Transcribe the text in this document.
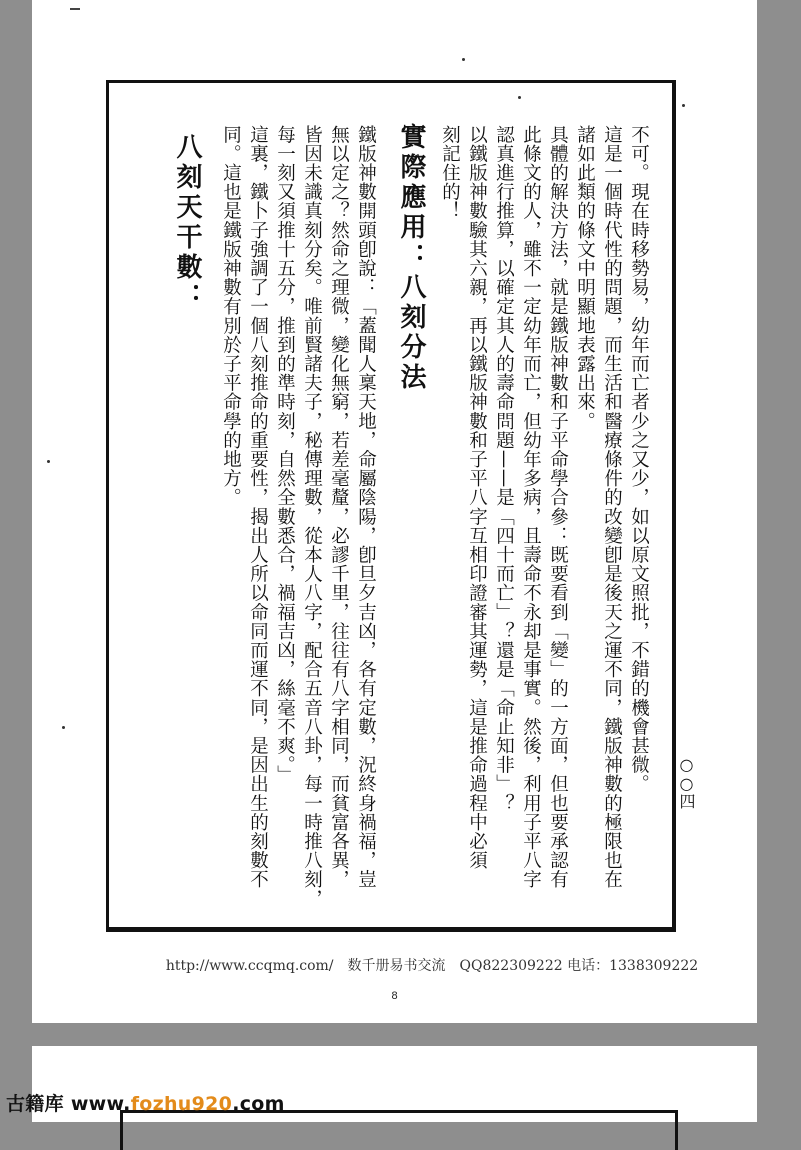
不可。現在時移勢易，幼年而亡者少之又少，如以原文照批，不錯的機會甚微。
這是一個時代性的問題，而生活和醫療條件的改變卽是後天之運不同，鐵版神數的極限也在
諸如此類的條文中明顯地表露出來。
具體的解決方法，就是鐵版神數和子平命學合參：既要看到「變」的一方面，但也要承認有
此條文的人，雖不一定幼年而亡，但幼年多病，且壽命不永却是事實。然後，利用子平八字
認真進行推算，以確定其人的壽命問題——是「四十而亡」？還是「命止知非」？
以鐵版神數驗其六親，再以鐵版神數和子平八字互相印證審其運勢，這是推命過程中必須
刻記住的！
實際應用：八刻分法
鐵版神數開頭卽說：「蓋聞人稟天地，命屬陰陽，卽旦夕吉凶，各有定數，況終身禍福，豈
無以定之？然命之理微，變化無窮，若差毫釐，必謬千里，往往有八字相同，而貧富各異，
皆因未識真刻分矣。唯前賢諸夫子，秘傳理數，從本人八字，配合五音八卦，每一時推八刻，
每一刻又須推十五分，推到的準時刻，自然全數悉合，禍福吉凶，絲毫不爽。」
這裏，鐵卜子強調了一個八刻推命的重要性，揭出人所以命同而運不同，是因出生的刻數不
同。這也是鐵版神數有別於子平命學的地方。
八刻天干數：
○○四
http://www.ccqmq.com/　数千册易书交流　QQ822309222 电话：1338309222
8
古籍库 www.fozhu920.com
